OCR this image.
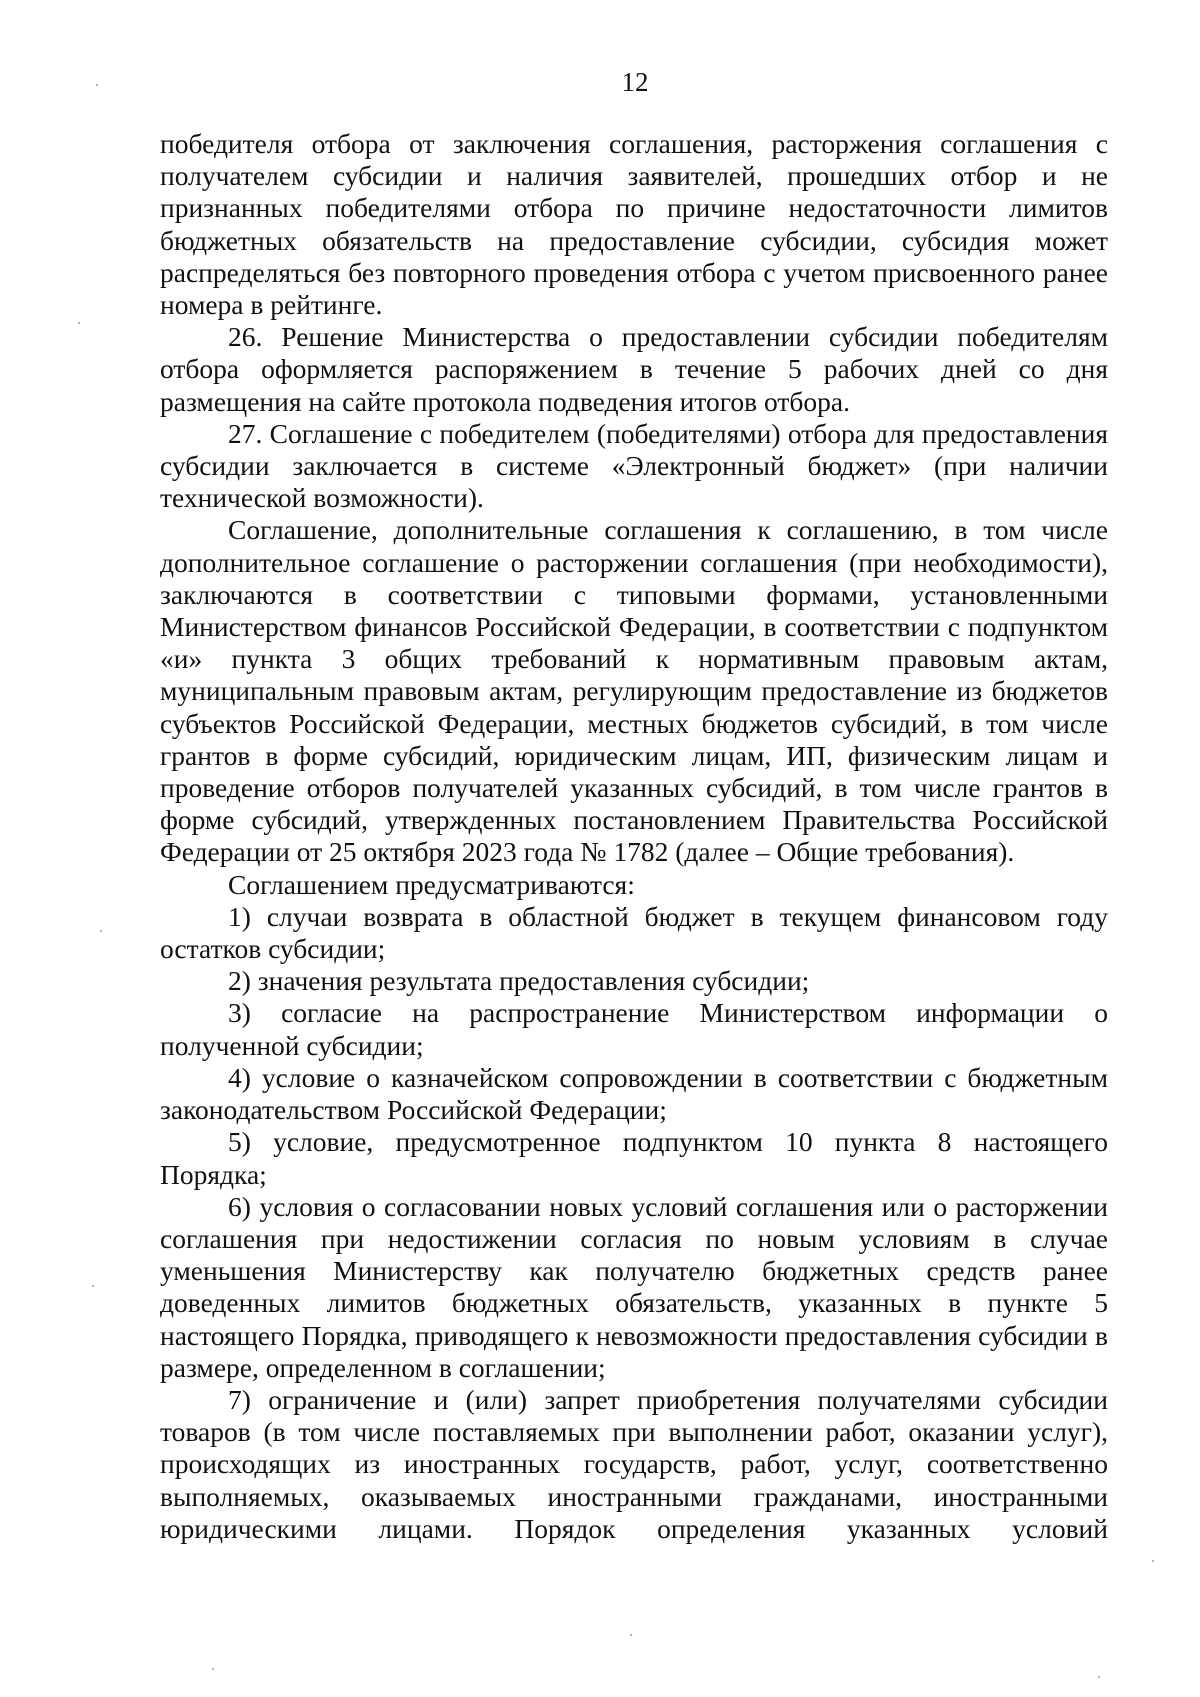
12

победителя отбора от заключения соглашения, расторжения соглашения с получателем субсидии и наличия заявителей, прошедших отбор и не признанных победителями отбора по причине недостаточности лимитов бюджетных обязательств на предоставление субсидии, субсидия может распределяться без повторного проведения отбора с учетом присвоенного ранее номера в рейтинге.

26. Решение Министерства о предоставлении субсидии победителям отбора оформляется распоряжением в течение 5 рабочих дней со дня размещения на сайте протокола подведения итогов отбора.

27. Соглашение с победителем (победителями) отбора для предоставления субсидии заключается в системе «Электронный бюджет» (при наличии технической возможности).

Соглашение, дополнительные соглашения к соглашению, в том числе дополнительное соглашение о расторжении соглашения (при необходимости), заключаются в соответствии с типовыми формами, установленными Министерством финансов Российской Федерации, в соответствии с подпунктом «и» пункта 3 общих требований к нормативным правовым актам, муниципальным правовым актам, регулирующим предоставление из бюджетов субъектов Российской Федерации, местных бюджетов субсидий, в том числе грантов в форме субсидий, юридическим лицам, ИП, физическим лицам и проведение отборов получателей указанных субсидий, в том числе грантов в форме субсидий, утвержденных постановлением Правительства Российской Федерации от 25 октября 2023 года № 1782 (далее – Общие требования).

Соглашением предусматриваются:

1) случаи возврата в областной бюджет в текущем финансовом году остатков субсидии;

2) значения результата предоставления субсидии;

3) согласие на распространение Министерством информации о полученной субсидии;

4) условие о казначейском сопровождении в соответствии с бюджетным законодательством Российской Федерации;

5) условие, предусмотренное подпунктом 10 пункта 8 настоящего Порядка;

6) условия о согласовании новых условий соглашения или о расторжении соглашения при недостижении согласия по новым условиям в случае уменьшения Министерству как получателю бюджетных средств ранее доведенных лимитов бюджетных обязательств, указанных в пункте 5 настоящего Порядка, приводящего к невозможности предоставления субсидии в размере, определенном в соглашении;

7) ограничение и (или) запрет приобретения получателями субсидии товаров (в том числе поставляемых при выполнении работ, оказании услуг), происходящих из иностранных государств, работ, услуг, соответственно выполняемых, оказываемых иностранными гражданами, иностранными юридическими лицами. Порядок определения указанных условий
